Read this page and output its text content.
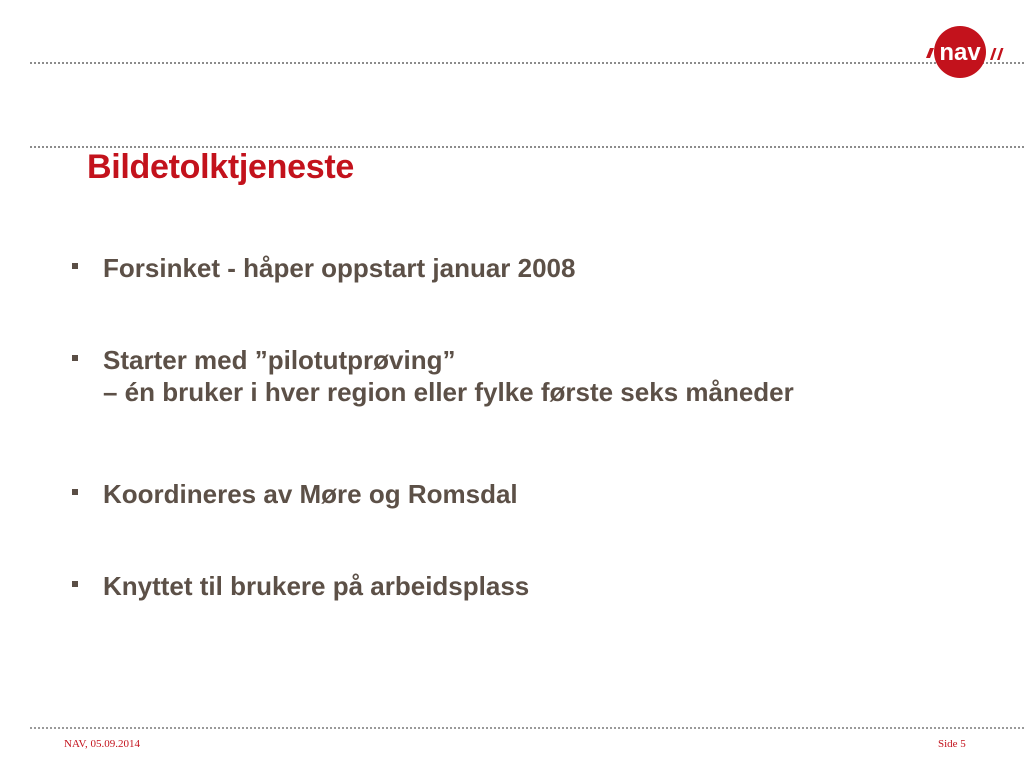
nav
Bildetolktjeneste
Forsinket - håper oppstart januar 2008
Starter med ”pilotutprøving”
– én bruker i hver region eller fylke første seks måneder
Koordineres av Møre og Romsdal
Knyttet til brukere på arbeidsplass
NAV, 05.09.2014	Side 5
